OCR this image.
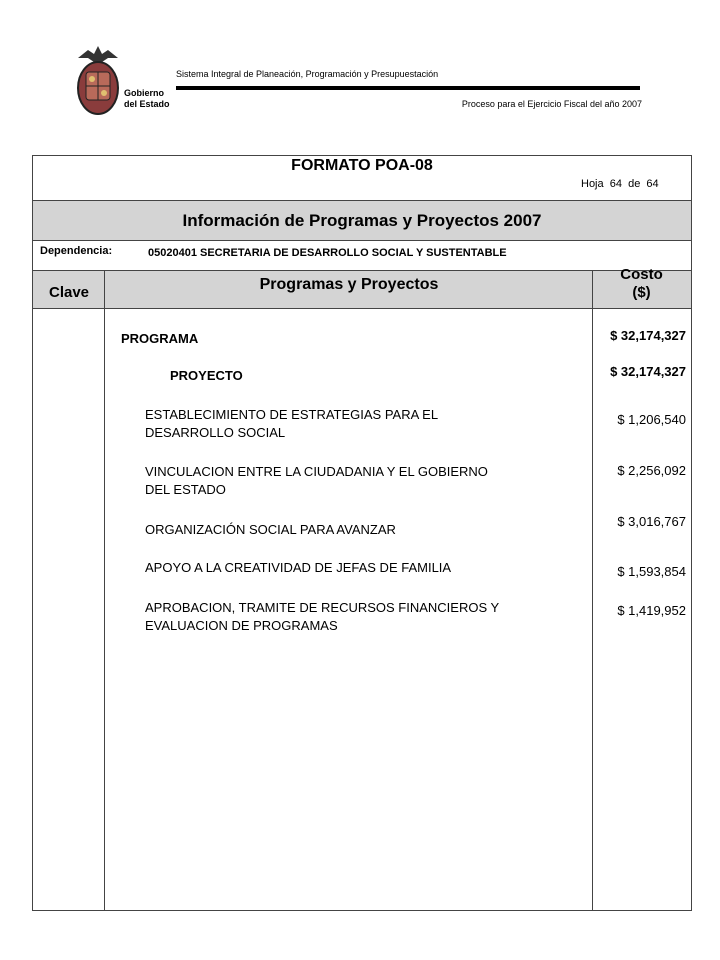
Gobierno
del Estado
Sistema Integral de Planeación, Programación y Presupuestación
Proceso para el Ejercicio Fiscal del año 2007
FORMATO POA-08
Hoja  64  de  64
Información de Programas y Proyectos 2007
Dependencia:	05020401 SECRETARIA DE DESARROLLO SOCIAL Y SUSTENTABLE
Clave	Programas y Proyectos
Costo
($)
PROGRAMA	$ 32,174,327
PROYECTO	$ 32,174,327
ESTABLECIMIENTO DE ESTRATEGIAS PARA EL
DESARROLLO SOCIAL
$ 1,206,540
VINCULACION ENTRE LA CIUDADANIA Y EL GOBIERNO
DEL ESTADO
$ 2,256,092
ORGANIZACIÓN SOCIAL PARA AVANZAR
$ 3,016,767
APOYO A LA CREATIVIDAD DE JEFAS DE FAMILIA	$ 1,593,854
APROBACION, TRAMITE DE RECURSOS FINANCIEROS Y
EVALUACION DE PROGRAMAS
$ 1,419,952
